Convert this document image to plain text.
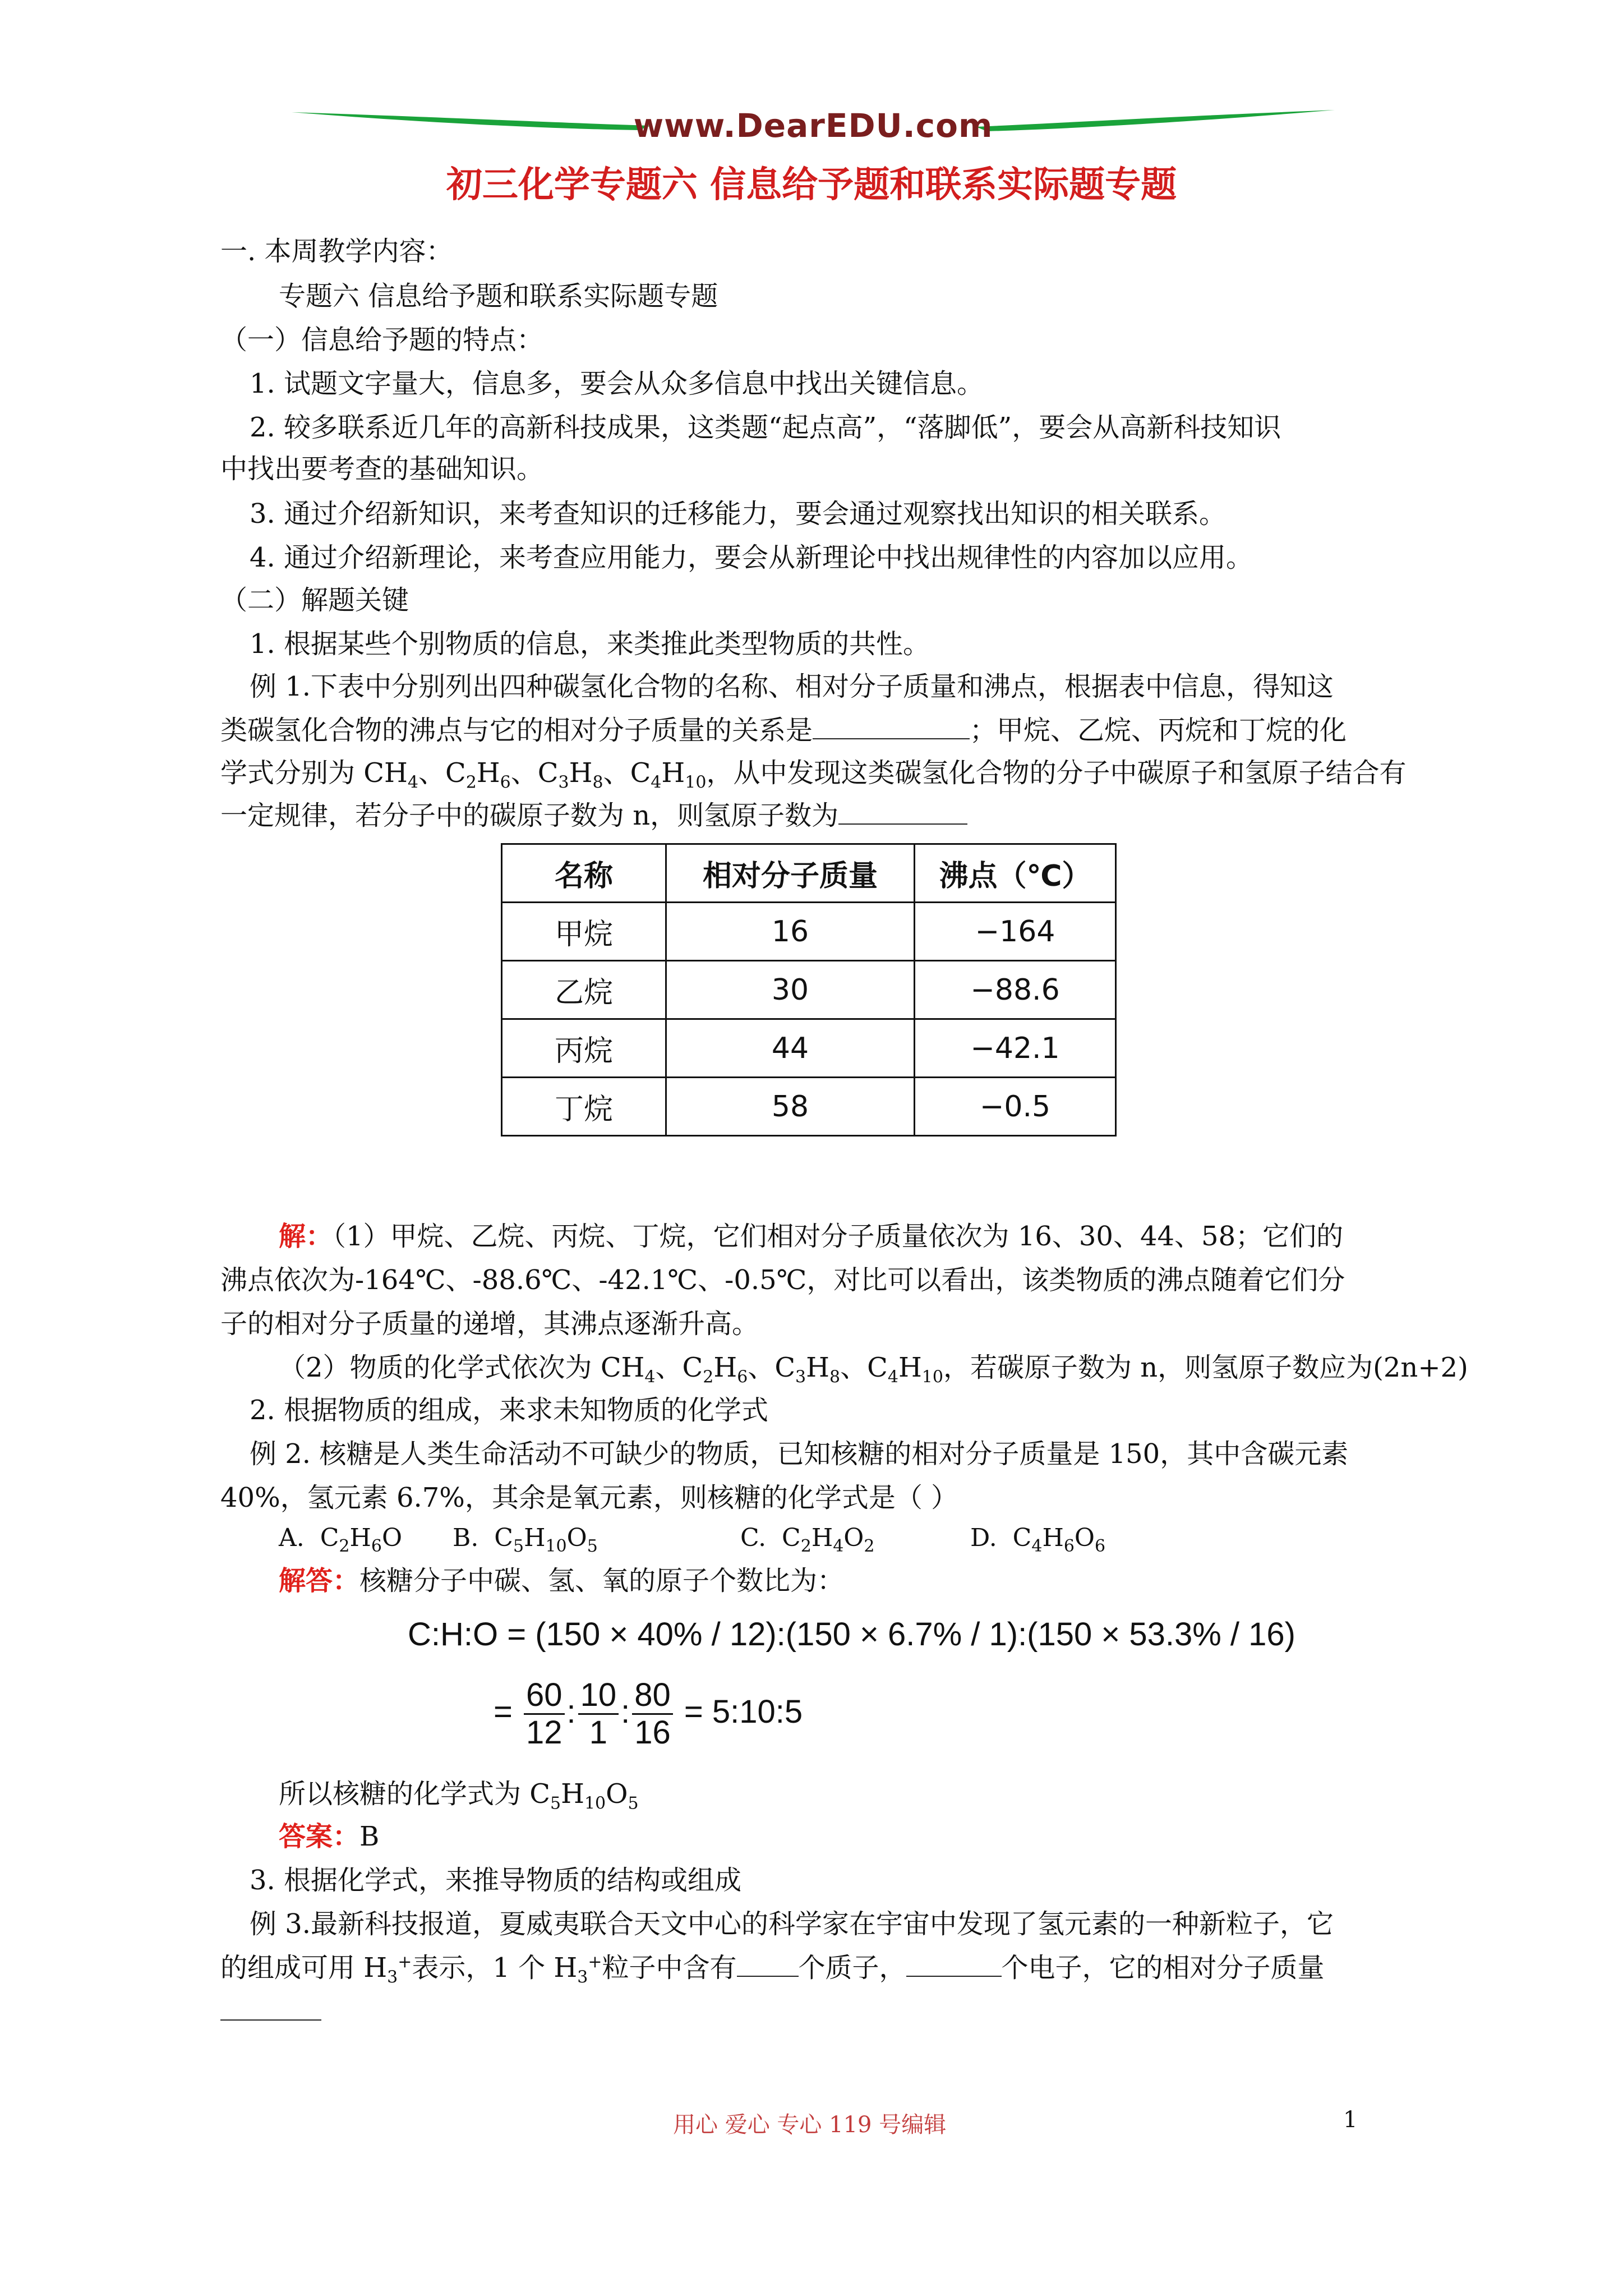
www.DearEDU.com
初三化学专题六 信息给予题和联系实际题专题
一. 本周教学内容：
专题六 信息给予题和联系实际题专题
（一）信息给予题的特点：
1. 试题文字量大，信息多，要会从众多信息中找出关键信息。
2. 较多联系近几年的高新科技成果，这类题“起点高”，“落脚低”，要会从高新科技知识
中找出要考查的基础知识。
3. 通过介绍新知识，来考查知识的迁移能力，要会通过观察找出知识的相关联系。
4. 通过介绍新理论，来考查应用能力，要会从新理论中找出规律性的内容加以应用。
（二）解题关键
1. 根据某些个别物质的信息，来类推此类型物质的共性。
例 1.下表中分别列出四种碳氢化合物的名称、相对分子质量和沸点，根据表中信息，得知这
类碳氢化合物的沸点与它的相对分子质量的关系是	；甲烷、乙烷、丙烷和丁烷的化
学式分别为 $CH_4$、$C_2H_6$、$C_3H_8$、$C_4H_{10}$，从中发现这类碳氢化合物的分子中碳原子和氢原子结合有
一定规律，若分子中的碳原子数为 n，则氢原子数为
名称	相对分子质量	沸点（℃）
甲烷	16	−164
乙烷	30	−88.6
丙烷	44	−42.1
丁烷	58	−0.5
解：（1）甲烷、乙烷、丙烷、丁烷，它们相对分子质量依次为 16、30、44、58；它们的
沸点依次为-164℃、-88.6℃、-42.1℃、-0.5℃，对比可以看出，该类物质的沸点随着它们分
子的相对分子质量的递增，其沸点逐渐升高。
（2）物质的化学式依次为 $CH_4$、$C_2H_6$、$C_3H_8$、$C_4H_{10}$，若碳原子数为 n，则氢原子数应为(2n+2)
2. 根据物质的组成，来求未知物质的化学式
例 2. 核糖是人类生命活动不可缺少的物质，已知核糖的相对分子质量是 150，其中含碳元素
40%，氢元素 6.7%，其余是氧元素，则核糖的化学式是（ ）
A.  $C_2H_6O$ B.  $C_5H_{10}O_5$	C.  $C_2H_4O_2$	D.  $C_4H_6O_6$
解答：核糖分子中碳、氢、氧的原子个数比为：
C:H:O = (150 × 40% / 12):(150 × 6.7% / 1):(150 × 53.3% / 16)
= $\frac{60}{12}$ : $\frac{10}{1}$ : $\frac{80}{16}$ = 5:10:5
所以核糖的化学式为 $C_5H_{10}O_5$
答案：B
3. 根据化学式，来推导物质的结构或组成
例 3.最新科技报道，夏威夷联合天文中心的科学家在宇宙中发现了氢元素的一种新粒子，它
的组成可用 $H_3^+$表示，1 个 $H_3^+$粒子中含有 个质子，	个电子，它的相对分子质量
用心 爱心 专心 119 号编辑	1
